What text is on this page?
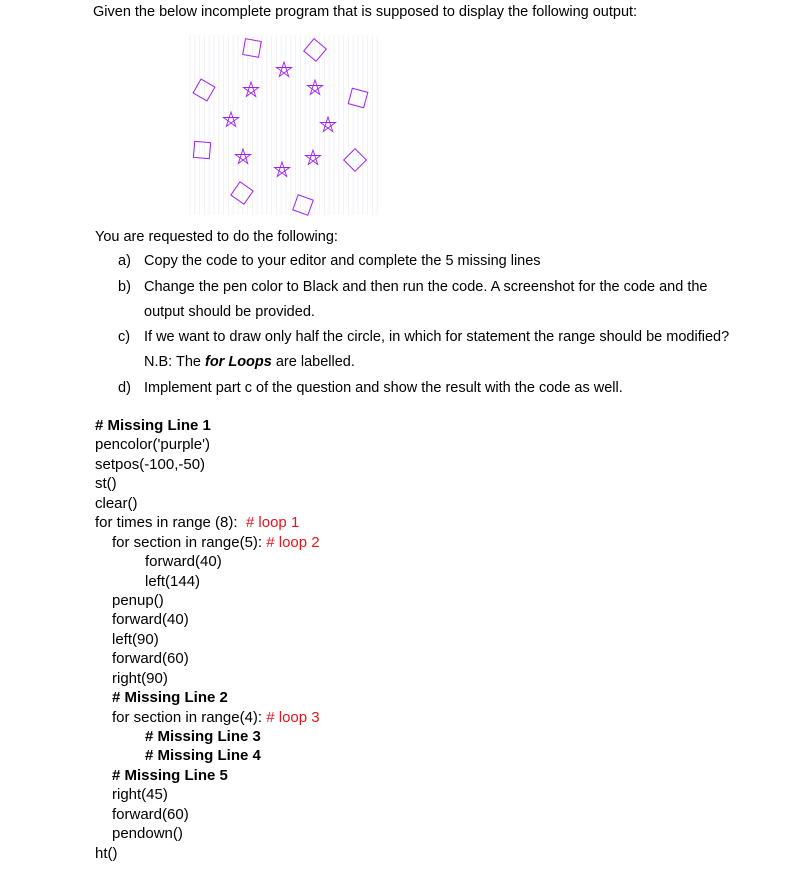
Given the below incomplete program that is supposed to display the following output:
You are requested to do the following:
a) Copy the code to your editor and complete the 5 missing lines
b) Change the pen color to Black and then run the code. A screenshot for the code and the
output should be provided.
c) If we want to draw only half the circle, in which for statement the range should be modified?
N.B: The for Loops are labelled.
d) Implement part c of the question and show the result with the code as well.
# Missing Line 1
pencolor('purple')
setpos(-100,-50)
st()
clear()
for times in range (8): # loop 1
for section in range(5): # loop 2
forward(40)
left(144)
penup()
forward(40)
left(90)
forward(60)
right(90)
# Missing Line 2
for section in range(4): # loop 3
# Missing Line 3
# Missing Line 4
# Missing Line 5
right(45)
forward(60)
pendown()
ht()
